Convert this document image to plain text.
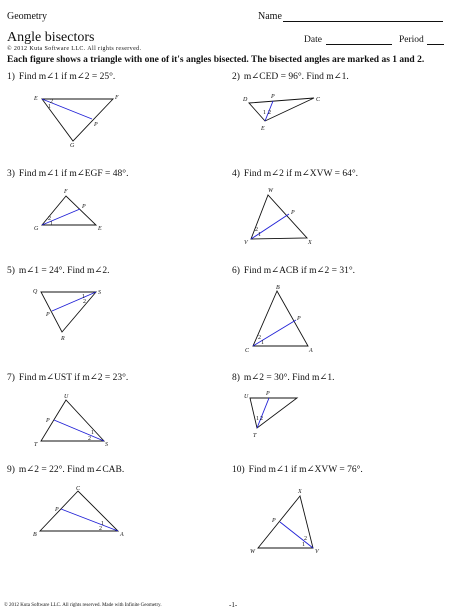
Geometry	Name
Angle bisectors
© 2012 Kuta Software LLC. All rights reserved.
Date	Period
Each figure shows a triangle with one of it's angles bisected. The bisected angles are marked as 1 and 2.
1) Find m∠1 if m∠2 = 25°.	2) m∠CED = 96°. Find m∠1.
3) Find m∠1 if m∠EGF = 48°.	4) Find m∠2 if m∠XVW = 64°.
5) m∠1 = 24°. Find m∠2.	6) Find m∠ACB if m∠2 = 31°.
7) Find m∠UST if m∠2 = 23°.	8) m∠2 = 30°. Find m∠1.
9) m∠2 = 22°. Find m∠CAB.	10) Find m∠1 if m∠XVW = 76°.
E	F
P
G
2
1
D	P	C
E
1 2
F
P
G	E
2
1
W
P
V	X
2
1
Q	S
P
R
1
2
B
P
C	A
2
1
U
P
T	S
1
2
U	P
T
1 2
C
P
B	A
1
2
X
P
W	V
2
1
© 2012 Kuta Software LLC. All rights reserved. Made with Infinite Geometry.	-1-
